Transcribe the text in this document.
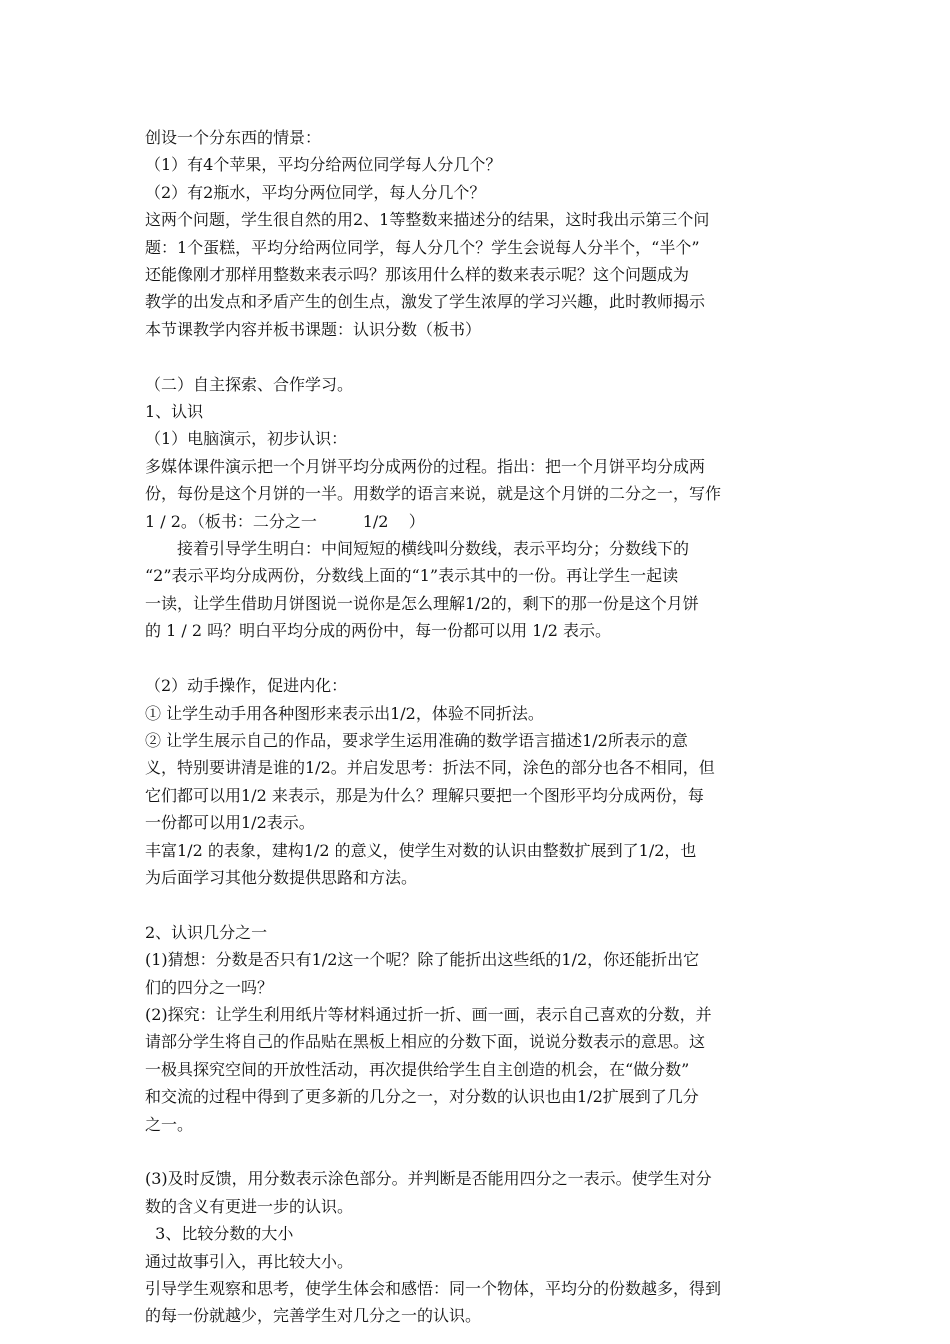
创设一个分东西的情景：

（1）有4个苹果，平均分给两位同学每人分几个？

（2）有2瓶水，平均分两位同学，每人分几个？

这两个问题，学生很自然的用2、1等整数来描述分的结果，这时我出示第三个问

题：1个蛋糕，平均分给两位同学，每人分几个？学生会说每人分半个，“半个”

还能像刚才那样用整数来表示吗？那该用什么样的数来表示呢？这个问题成为

教学的出发点和矛盾产生的创生点，激发了学生浓厚的学习兴趣，此时教师揭示

本节课教学内容并板书课题：认识分数（板书）

（二）自主探索、合作学习。

1、认识

（1）电脑演示，初步认识：

多媒体课件演示把一个月饼平均分成两份的过程。指出：把一个月饼平均分成两

份，每份是这个月饼的一半。用数学的语言来说，就是这个月饼的二分之一，写作

1 / 2。（板书：二分之一         1/2    ）

接着引导学生明白：中间短短的横线叫分数线，表示平均分；分数线下的

“2”表示平均分成两份，分数线上面的“1”表示其中的一份。再让学生一起读

一读，让学生借助月饼图说一说你是怎么理解1/2的，剩下的那一份是这个月饼

的 1 / 2 吗？明白平均分成的两份中，每一份都可以用 1/2 表示。

（2）动手操作，促进内化：

① 让学生动手用各种图形来表示出1/2，体验不同折法。

② 让学生展示自己的作品，要求学生运用准确的数学语言描述1/2所表示的意

义，特别要讲清是谁的1/2。并启发思考：折法不同，涂色的部分也各不相同，但

它们都可以用1/2 来表示，那是为什么？理解只要把一个图形平均分成两份，每

一份都可以用1/2表示。

丰富1/2 的表象，建构1/2 的意义，使学生对数的认识由整数扩展到了1/2，也

为后面学习其他分数提供思路和方法。

2、认识几分之一

(1)猜想：分数是否只有1/2这一个呢？除了能折出这些纸的1/2，你还能折出它

们的四分之一吗？

(2)探究：让学生利用纸片等材料通过折一折、画一画，表示自己喜欢的分数，并

请部分学生将自己的作品贴在黑板上相应的分数下面，说说分数表示的意思。这

一极具探究空间的开放性活动，再次提供给学生自主创造的机会，在“做分数”

和交流的过程中得到了更多新的几分之一，对分数的认识也由1/2扩展到了几分

之一。

(3)及时反馈，用分数表示涂色部分。并判断是否能用四分之一表示。使学生对分

数的含义有更进一步的认识。

3、比较分数的大小

通过故事引入，再比较大小。

引导学生观察和思考，使学生体会和感悟：同一个物体，平均分的份数越多，得到

的每一份就越少，完善学生对几分之一的认识。
